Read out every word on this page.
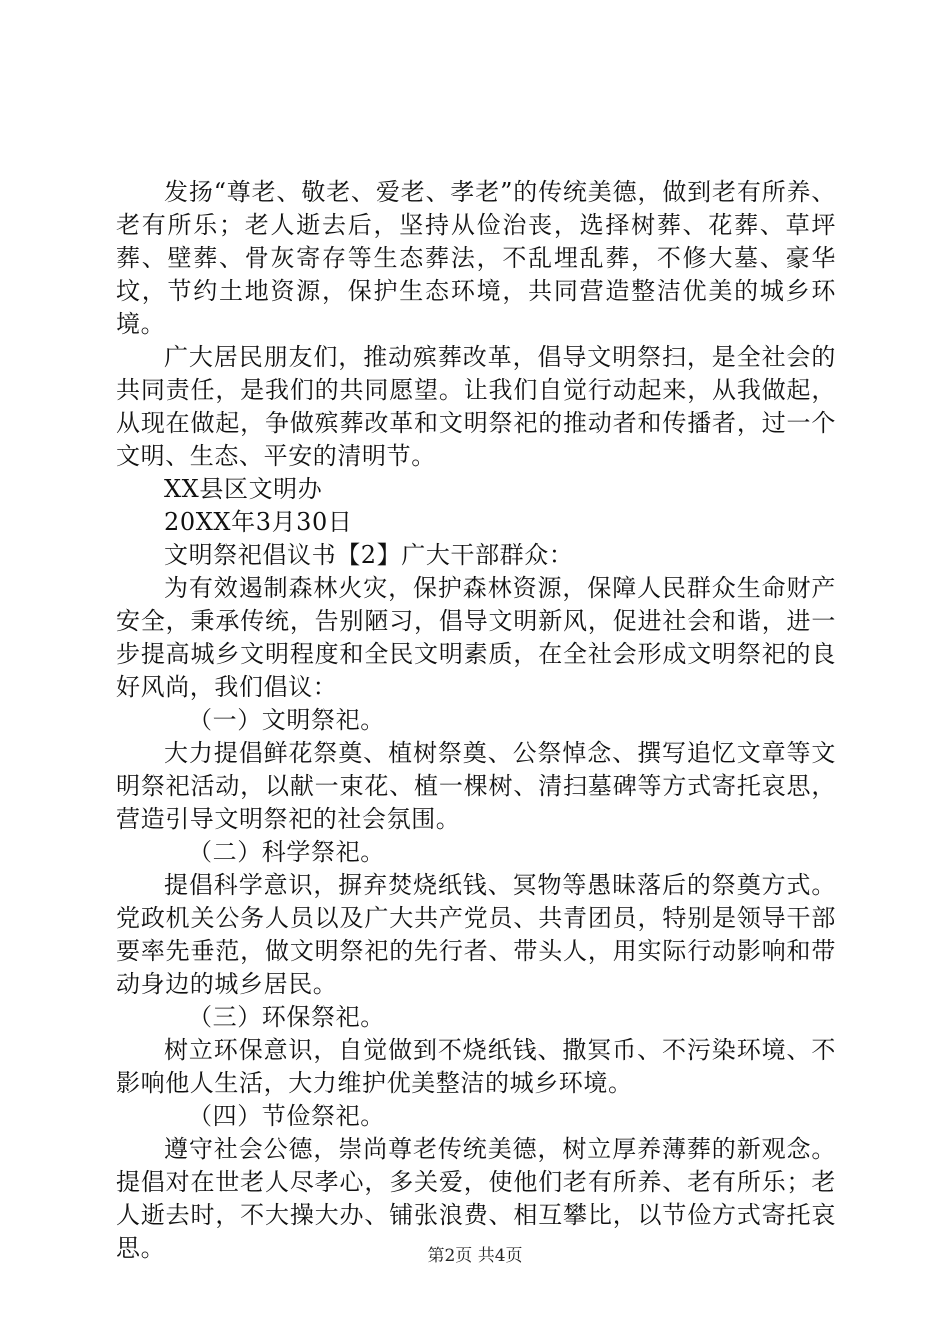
发扬“尊老、敬老、爱老、孝老”的传统美德，做到老有所养、老有所乐；老人逝去后，坚持从俭治丧，选择树葬、花葬、草坪葬、壁葬、骨灰寄存等生态葬法，不乱埋乱葬，不修大墓、豪华坟，节约土地资源，保护生态环境，共同营造整洁优美的城乡环境。

广大居民朋友们，推动殡葬改革，倡导文明祭扫，是全社会的共同责任，是我们的共同愿望。让我们自觉行动起来，从我做起，从现在做起，争做殡葬改革和文明祭祀的推动者和传播者，过一个文明、生态、平安的清明节。

XX县区文明办

20XX年3月30日

文明祭祀倡议书【2】广大干部群众：

为有效遏制森林火灾，保护森林资源，保障人民群众生命财产安全，秉承传统，告别陋习，倡导文明新风，促进社会和谐，进一步提高城乡文明程度和全民文明素质，在全社会形成文明祭祀的良好风尚，我们倡议：

（一）文明祭祀。

大力提倡鲜花祭奠、植树祭奠、公祭悼念、撰写追忆文章等文明祭祀活动，以献一束花、植一棵树、清扫墓碑等方式寄托哀思，营造引导文明祭祀的社会氛围。

（二）科学祭祀。

提倡科学意识，摒弃焚烧纸钱、冥物等愚昧落后的祭奠方式。党政机关公务人员以及广大共产党员、共青团员，特别是领导干部要率先垂范，做文明祭祀的先行者、带头人，用实际行动影响和带动身边的城乡居民。

（三）环保祭祀。

树立环保意识，自觉做到不烧纸钱、撒冥币、不污染环境、不影响他人生活，大力维护优美整洁的城乡环境。

（四）节俭祭祀。

遵守社会公德，崇尚尊老传统美德，树立厚养薄葬的新观念。提倡对在世老人尽孝心，多关爱，使他们老有所养、老有所乐；老人逝去时，不大操大办、铺张浪费、相互攀比，以节俭方式寄托哀思。	第2页 共4页
